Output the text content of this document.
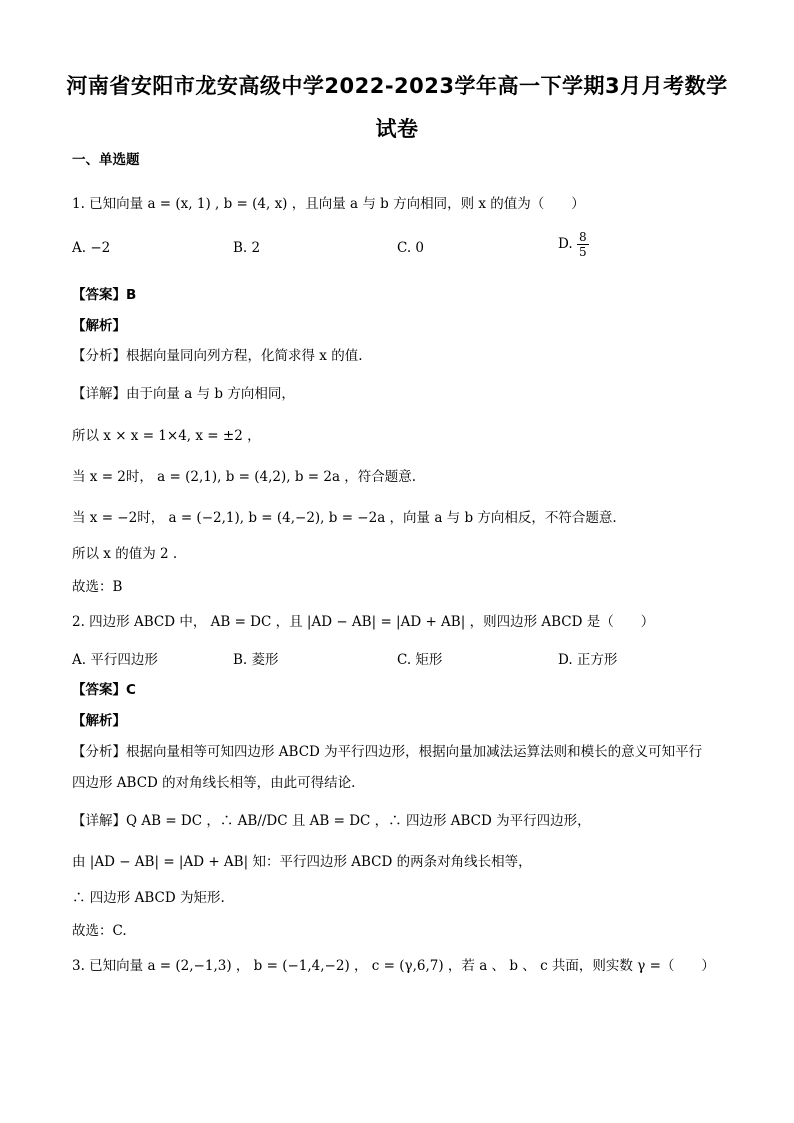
河南省安阳市龙安高级中学2022-2023学年高一下学期3月月考数学
试卷
一、单选题
1. 已知向量 a = (x, 1) , b = (4, x) ，且向量 a 与 b 方向相同，则 x 的值为（　　）
A. −2	B. 2	C. 0	D. $\frac{8}{5}$
【答案】B
【解析】
【分析】根据向量同向列方程，化简求得 x 的值.
【详解】由于向量 a 与 b 方向相同，
所以 x × x = 1×4, x = ±2 ，
当 x = 2时， a = (2,1), b = (4,2), b = 2a ，符合题意.
当 x = −2时， a = (−2,1), b = (4,−2), b = −2a ，向量 a 与 b 方向相反，不符合题意.
所以 x 的值为 2 .
故选：B
2. 四边形 ABCD 中， AB = DC ，且 |AD − AB| = |AD + AB| ，则四边形 ABCD 是（　　）
A. 平行四边形	B. 菱形	C. 矩形	D. 正方形
【答案】C
【解析】
【分析】根据向量相等可知四边形 ABCD 为平行四边形，根据向量加减法运算法则和模长的意义可知平行
四边形 ABCD 的对角线长相等，由此可得结论.
【详解】Q AB = DC ，∴ AB//DC 且 AB = DC ，∴ 四边形 ABCD 为平行四边形，
由 |AD − AB| = |AD + AB| 知：平行四边形 ABCD 的两条对角线长相等，
∴ 四边形 ABCD 为矩形.
故选：C.
3. 已知向量 a = (2,−1,3) ， b = (−1,4,−2) ， c = (γ,6,7) ，若 a 、 b 、 c 共面，则实数 γ =（　　）
